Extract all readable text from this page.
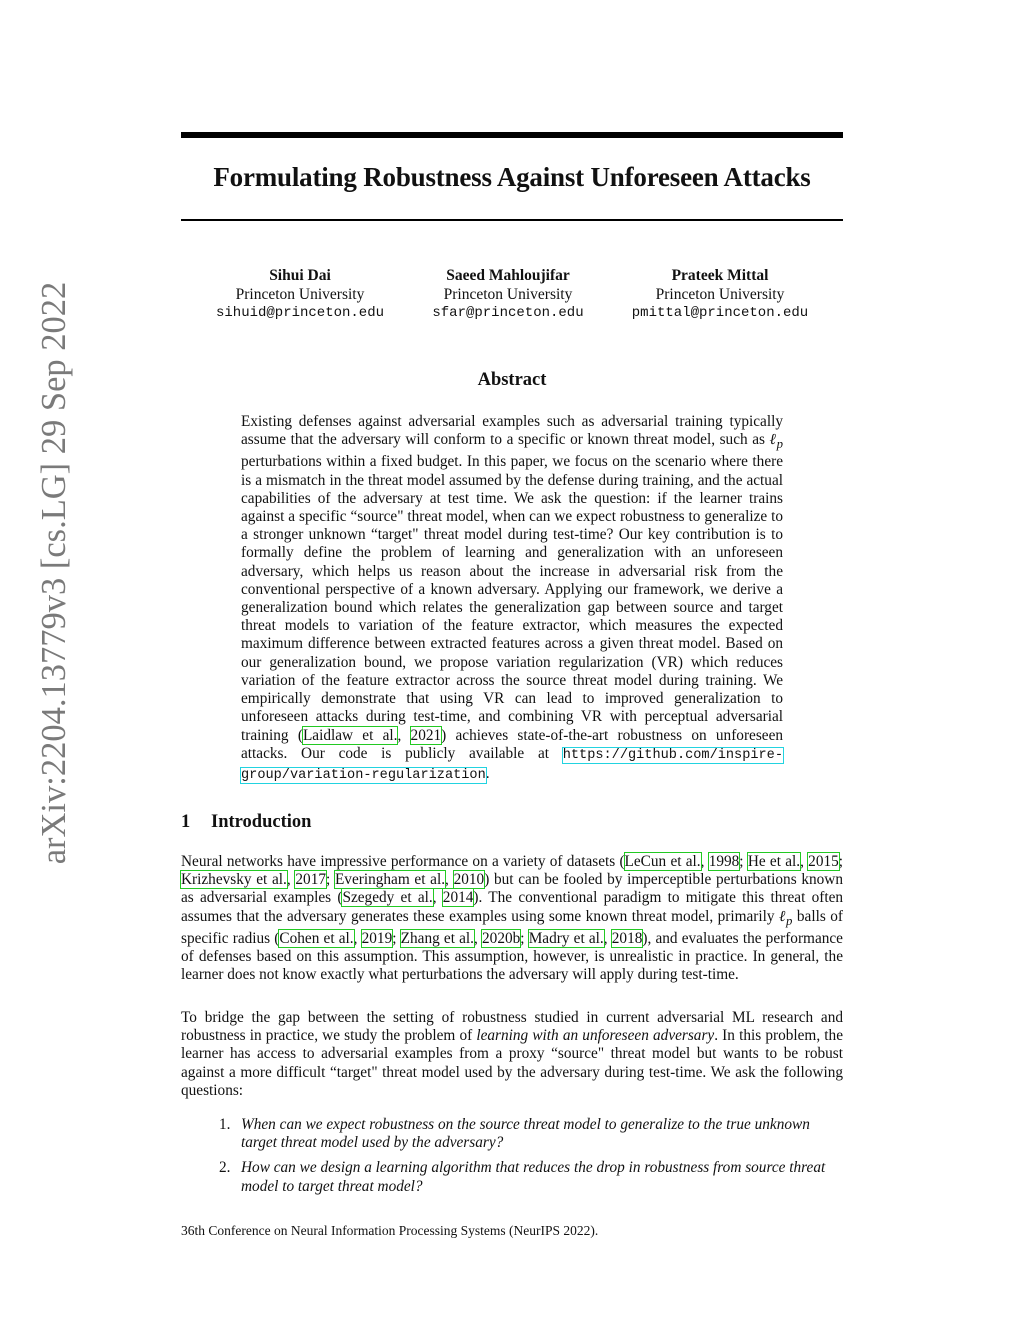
arXiv:2204.13779v3 [cs.LG] 29 Sep 2022
Formulating Robustness Against Unforeseen Attacks
Sihui Dai
Princeton University
sihuid@princeton.edu
Saeed Mahloujifar
Princeton University
sfar@princeton.edu
Prateek Mittal
Princeton University
pmittal@princeton.edu
Abstract
Existing defenses against adversarial examples such as adversarial training typically assume that the adversary will conform to a specific or known threat model, such as ℓ$_p$ perturbations within a fixed budget. In this paper, we focus on the scenario where there is a mismatch in the threat model assumed by the defense during training, and the actual capabilities of the adversary at test time. We ask the question: if the learner trains against a specific “source" threat model, when can we expect robustness to generalize to a stronger unknown “target" threat model during test-time? Our key contribution is to formally define the problem of learning and generalization with an unforeseen adversary, which helps us reason about the increase in adversarial risk from the conventional perspective of a known adversary. Applying our framework, we derive a generalization bound which relates the generalization gap between source and target threat models to variation of the feature extractor, which measures the expected maximum difference between extracted features across a given threat model. Based on our generalization bound, we propose variation regularization (VR) which reduces variation of the feature extractor across the source threat model during training. We empirically demonstrate that using VR can lead to improved generalization to unforeseen attacks during test-time, and combining VR with perceptual adversarial training (Laidlaw et al., 2021) achieves state-of-the-art robustness on unforeseen attacks. Our code is publicly available at https://github.com/inspire-group/variation-regularization.
1 Introduction
Neural networks have impressive performance on a variety of datasets (LeCun et al., 1998; He et al., 2015; Krizhevsky et al., 2017; Everingham et al., 2010) but can be fooled by imperceptible perturbations known as adversarial examples (Szegedy et al., 2014). The conventional paradigm to mitigate this threat often assumes that the adversary generates these examples using some known threat model, primarily ℓ$_p$ balls of specific radius (Cohen et al., 2019; Zhang et al., 2020b; Madry et al., 2018), and evaluates the performance of defenses based on this assumption. This assumption, however, is unrealistic in practice. In general, the learner does not know exactly what perturbations the adversary will apply during test-time.
To bridge the gap between the setting of robustness studied in current adversarial ML research and robustness in practice, we study the problem of learning with an unforeseen adversary. In this problem, the learner has access to adversarial examples from a proxy “source" threat model but wants to be robust against a more difficult “target" threat model used by the adversary during test-time. We ask the following questions:
1. When can we expect robustness on the source threat model to generalize to the true unknown target threat model used by the adversary?
2. How can we design a learning algorithm that reduces the drop in robustness from source threat model to target threat model?
36th Conference on Neural Information Processing Systems (NeurIPS 2022).
